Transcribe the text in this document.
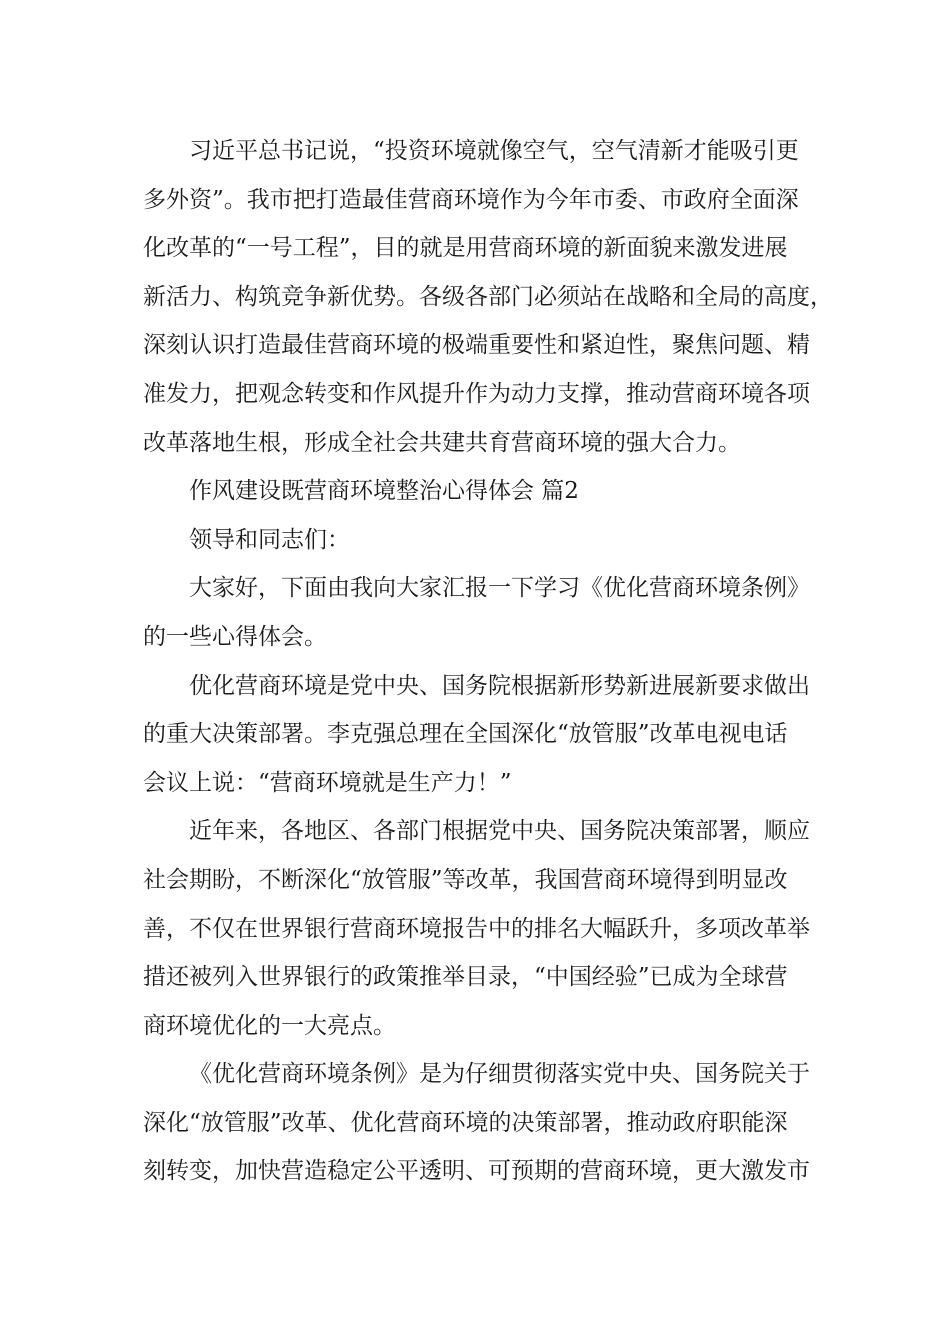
习近平总书记说，“投资环境就像空气，空气清新才能吸引更
多外资”。我市把打造最佳营商环境作为今年市委、市政府全面深
化改革的“一号工程”，目的就是用营商环境的新面貌来激发进展
新活力、构筑竞争新优势。各级各部门必须站在战略和全局的高度，
深刻认识打造最佳营商环境的极端重要性和紧迫性，聚焦问题、精
准发力，把观念转变和作风提升作为动力支撑，推动营商环境各项
改革落地生根，形成全社会共建共育营商环境的强大合力。
作风建设既营商环境整治心得体会 篇2
领导和同志们：
大家好，下面由我向大家汇报一下学习《优化营商环境条例》
的一些心得体会。
优化营商环境是党中央、国务院根据新形势新进展新要求做出
的重大决策部署。李克强总理在全国深化“放管服”改革电视电话
会议上说：“营商环境就是生产力！”
近年来，各地区、各部门根据党中央、国务院决策部署，顺应
社会期盼，不断深化“放管服”等改革，我国营商环境得到明显改
善，不仅在世界银行营商环境报告中的排名大幅跃升，多项改革举
措还被列入世界银行的政策推举目录，“中国经验”已成为全球营
商环境优化的一大亮点。
《优化营商环境条例》是为仔细贯彻落实党中央、国务院关于
深化“放管服”改革、优化营商环境的决策部署，推动政府职能深
刻转变，加快营造稳定公平透明、可预期的营商环境，更大激发市
